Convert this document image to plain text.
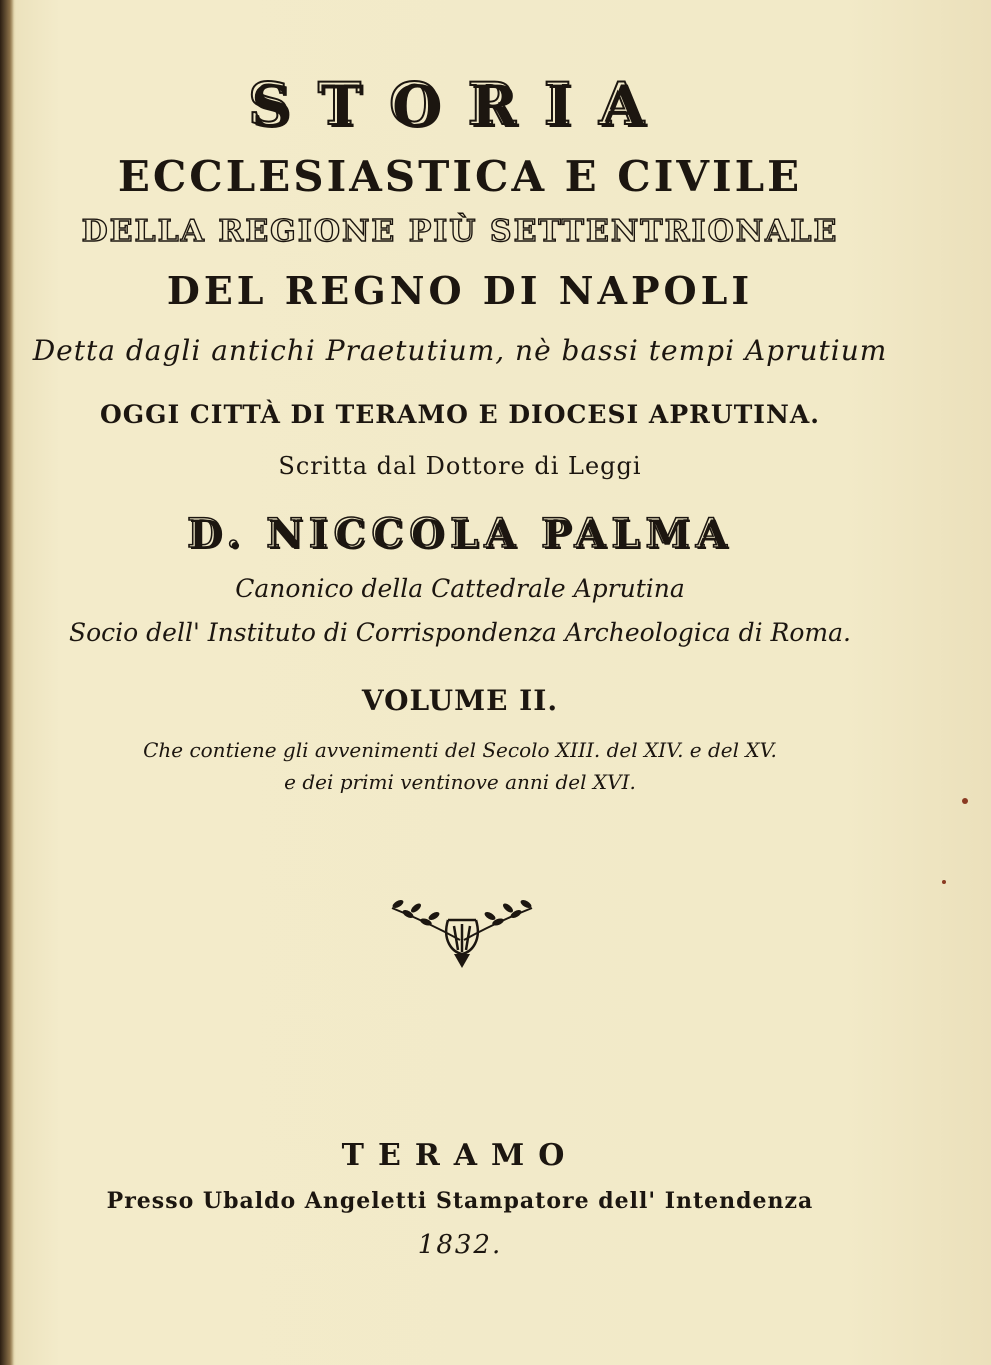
STORIA
ECCLESIASTICA E CIVILE
DELLA REGIONE PIÙ SETTENTRIONALE
DEL REGNO DI NAPOLI
Detta dagli antichi Praetutium, nè bassi tempi Aprutium
OGGI CITTÀ DI TERAMO E DIOCESI APRUTINA.
Scritta dal Dottore di Leggi
D. NICCOLA PALMA
Canonico della Cattedrale Aprutina
Socio dell' Instituto di Corrispondenza Archeologica di Roma.
VOLUME II.
Che contiene gli avvenimenti del Secolo XIII. del XIV. e del XV.
e dei primi ventinove anni del XVI.
TERAMO
Presso Ubaldo Angeletti Stampatore dell' Intendenza
1832.
